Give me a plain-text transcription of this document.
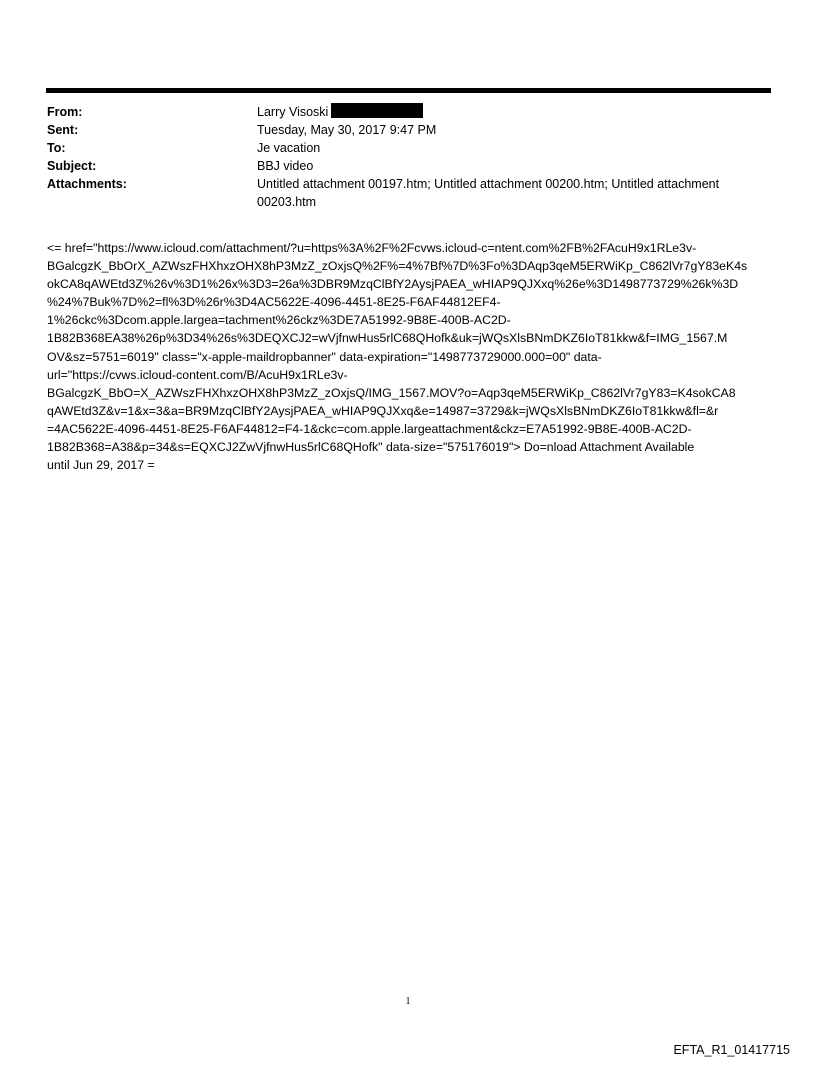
From:	Larry Visoski
Sent:	Tuesday, May 30, 2017 9:47 PM
To:	Je vacation
Subject:	BBJ video
Attachments:	Untitled attachment 00197.htm; Untitled attachment 00200.htm; Untitled attachment 00203.htm
<= href="https://www.icloud.com/attachment/?u=https%3A%2F%2Fcvws.icloud-c=ntent.com%2FB%2FAcuH9x1RLe3v-
BGalcgzK_BbOrX_AZWszFHXhxzOHX8hP3MzZ_zOxjsQ%2F%=4%7Bf%7D%3Fo%3DAqp3qeM5ERWiKp_C862lVr7gY83eK4s
okCA8qAWEtd3Z%26v%3D1%26x%3D3=26a%3DBR9MzqClBfY2AysjPAEA_wHIAP9QJXxq%26e%3D1498773729%26k%3D
%24%7Buk%7D%2=fl%3D%26r%3D4AC5622E-4096-4451-8E25-F6AF44812EF4-
1%26ckc%3Dcom.apple.largea=tachment%26ckz%3DE7A51992-9B8E-400B-AC2D-
1B82B368EA38%26p%3D34%26s%3DEQXCJ2=wVjfnwHus5rlC68QHofk&uk=jWQsXlsBNmDKZ6IoT81kkw&f=IMG_1567.M
OV&sz=5751=6019" class="x-apple-maildropbanner" data-expiration="1498773729000.000=00" data-
url="https://cvws.icloud-content.com/B/AcuH9x1RLe3v-
BGalcgzK_BbO=X_AZWszFHXhxzOHX8hP3MzZ_zOxjsQ/IMG_1567.MOV?o=Aqp3qeM5ERWiKp_C862lVr7gY83=K4sokCA8
qAWEtd3Z&v=1&x=3&a=BR9MzqClBfY2AysjPAEA_wHIAP9QJXxq&e=14987=3729&k=jWQsXlsBNmDKZ6IoT81kkw&fl=&r
=4AC5622E-4096-4451-8E25-F6AF44812=F4-1&ckc=com.apple.largeattachment&ckz=E7A51992-9B8E-400B-AC2D-
1B82B368=A38&p=34&s=EQXCJ2ZwVjfnwHus5rlC68QHofk" data-size="575176019"> Do=nload Attachment Available
until Jun 29, 2017 =
1
EFTA_R1_01417715
